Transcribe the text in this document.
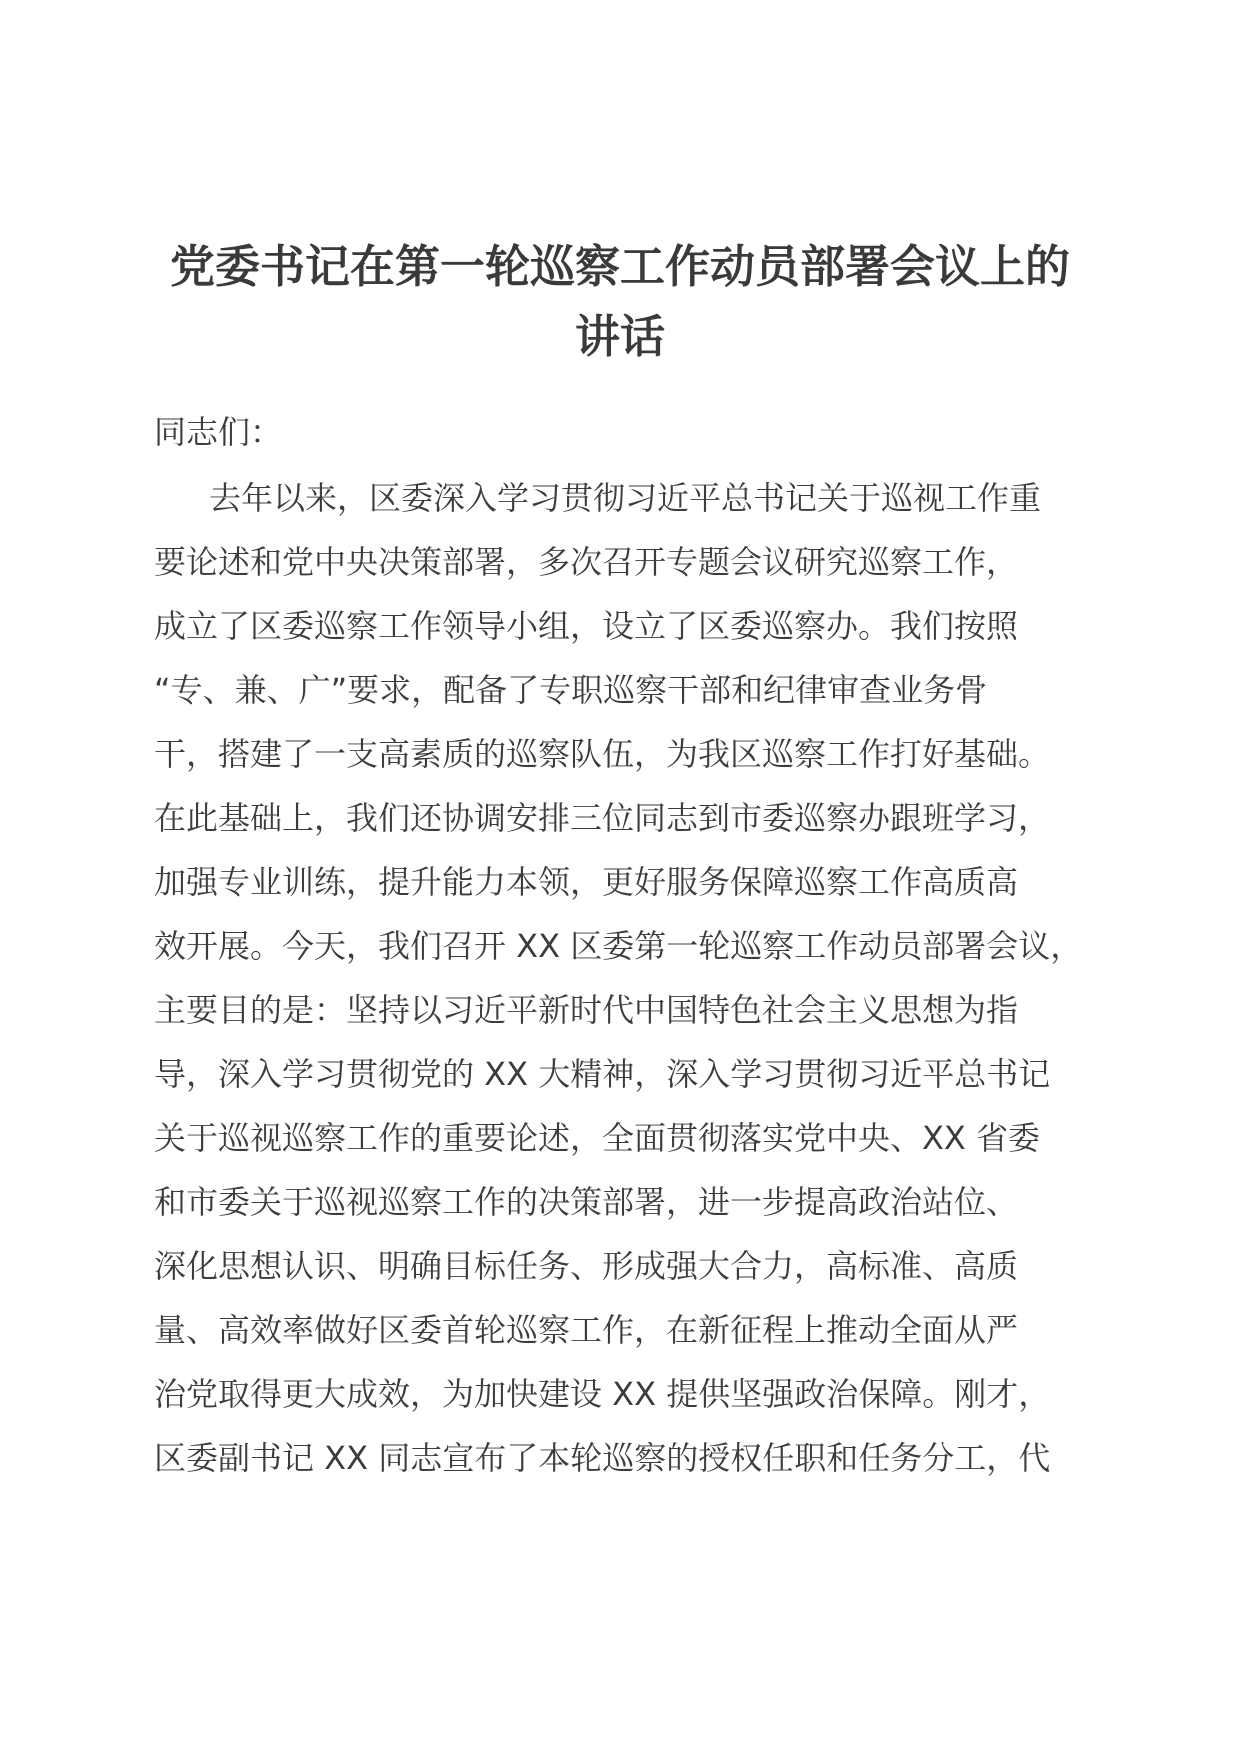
党委书记在第一轮巡察工作动员部署会议上的
讲话
同志们：
去年以来，区委深入学习贯彻习近平总书记关于巡视工作重
要论述和党中央决策部署，多次召开专题会议研究巡察工作，
成立了区委巡察工作领导小组，设立了区委巡察办。我们按照
“专、兼、广”要求，配备了专职巡察干部和纪律审查业务骨
干，搭建了一支高素质的巡察队伍，为我区巡察工作打好基础。
在此基础上，我们还协调安排三位同志到市委巡察办跟班学习，
加强专业训练，提升能力本领，更好服务保障巡察工作高质高
效开展。今天，我们召开 XX 区委第一轮巡察工作动员部署会议，
主要目的是：坚持以习近平新时代中国特色社会主义思想为指
导，深入学习贯彻党的 XX 大精神，深入学习贯彻习近平总书记
关于巡视巡察工作的重要论述，全面贯彻落实党中央、XX 省委
和市委关于巡视巡察工作的决策部署，进一步提高政治站位、
深化思想认识、明确目标任务、形成强大合力，高标准、高质
量、高效率做好区委首轮巡察工作，在新征程上推动全面从严
治党取得更大成效，为加快建设 XX 提供坚强政治保障。刚才，
区委副书记 XX 同志宣布了本轮巡察的授权任职和任务分工，代
